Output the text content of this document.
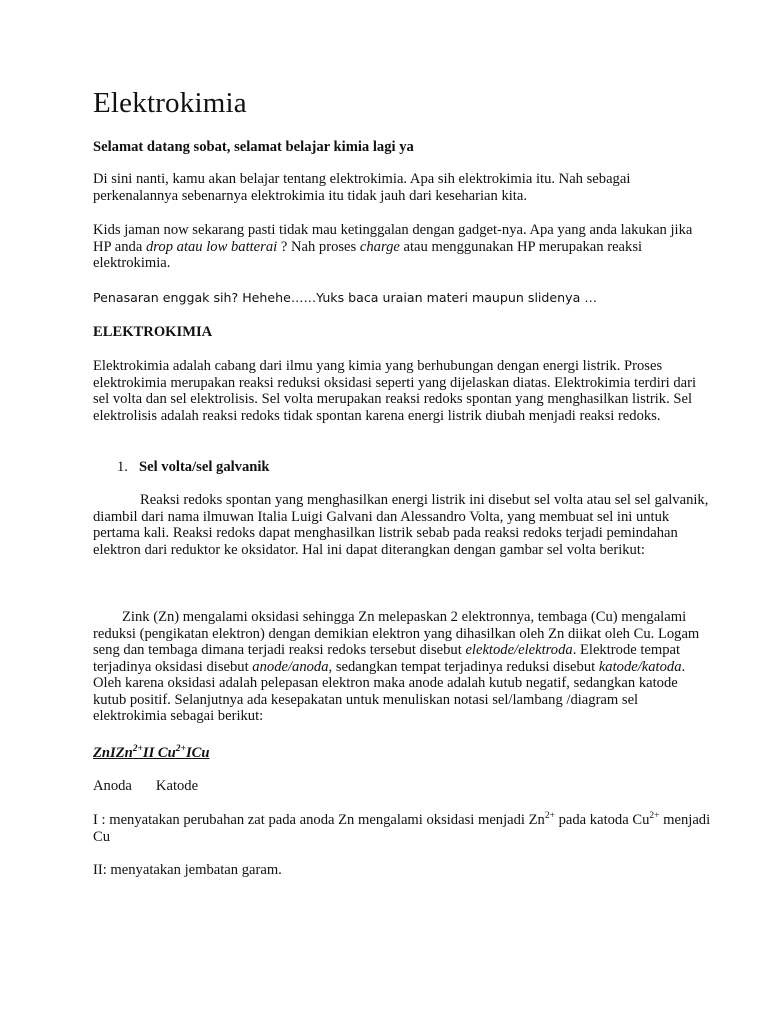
Elektrokimia

Selamat datang sobat, selamat belajar kimia lagi ya

Di sini nanti, kamu akan belajar tentang elektrokimia. Apa sih elektrokimia itu. Nah sebagai perkenalannya sebenarnya elektrokimia itu tidak jauh dari keseharian kita.

Kids jaman now sekarang pasti tidak mau ketinggalan dengan gadget-nya. Apa yang anda lakukan jika HP anda drop atau low batterai ? Nah proses charge atau menggunakan HP merupakan reaksi elektrokimia.

Penasaran enggak sih? Hehehe……Yuks baca uraian materi maupun slidenya …

ELEKTROKIMIA

Elektrokimia adalah cabang dari ilmu yang kimia yang berhubungan dengan energi listrik. Proses elektrokimia merupakan reaksi reduksi oksidasi seperti yang dijelaskan diatas. Elektrokimia terdiri dari sel volta dan sel elektrolisis. Sel volta merupakan reaksi redoks spontan yang menghasilkan listrik. Sel elektrolisis adalah reaksi redoks tidak spontan karena energi listrik diubah menjadi reaksi redoks.

1. Sel volta/sel galvanik

Reaksi redoks spontan yang menghasilkan energi listrik ini disebut sel volta atau sel sel galvanik, diambil dari nama ilmuwan Italia Luigi Galvani dan Alessandro Volta, yang membuat sel ini untuk pertama kali. Reaksi redoks dapat menghasilkan listrik sebab pada reaksi redoks terjadi pemindahan elektron dari reduktor ke oksidator. Hal ini dapat diterangkan dengan gambar sel volta berikut:

Zink (Zn) mengalami oksidasi sehingga Zn melepaskan 2 elektronnya, tembaga (Cu) mengalami reduksi (pengikatan elektron) dengan demikian elektron yang dihasilkan oleh Zn diikat oleh Cu. Logam seng dan tembaga dimana terjadi reaksi redoks tersebut disebut elektode/elektroda. Elektrode tempat terjadinya oksidasi disebut anode/anoda, sedangkan tempat terjadinya reduksi disebut katode/katoda. Oleh karena oksidasi adalah pelepasan elektron maka anode adalah kutub negatif, sedangkan katode kutub positif. Selanjutnya ada kesepakatan untuk menuliskan notasi sel/lambang /diagram sel elektrokimia sebagai berikut:

ZnIZn$^{2+}$II $Cu^{2+}ICu$

Anoda Katode

I : menyatakan perubahan zat pada anoda Zn mengalami oksidasi menjadi $Zn^{2+}$ pada katoda $Cu^{2+}$ menjadi Cu

II: menyatakan jembatan garam.
